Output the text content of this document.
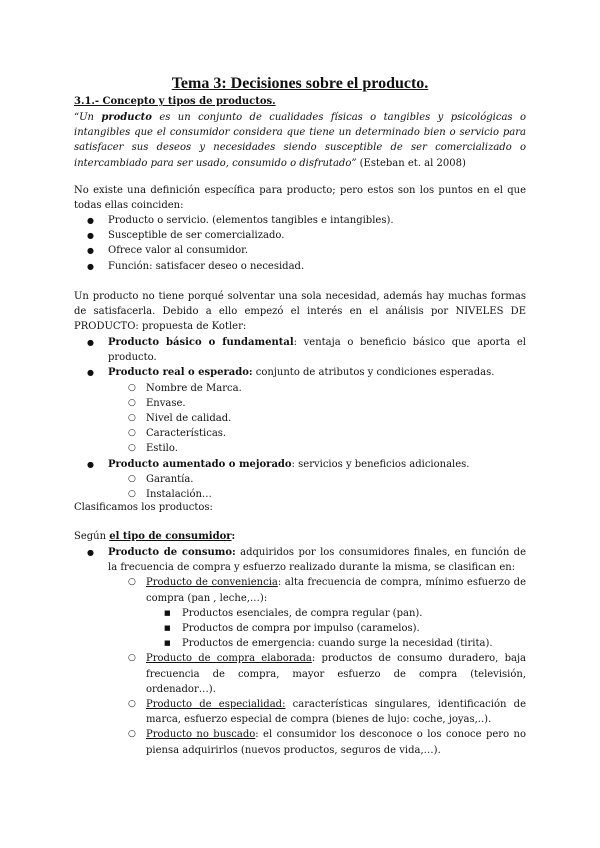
Tema 3: Decisiones sobre el producto.
3.1.- Concepto y tipos de productos.
“Un producto es un conjunto de cualidades físicas o tangibles y psicológicas o intangibles que el consumidor considera que tiene un determinado bien o servicio para satisfacer sus deseos y necesidades siendo susceptible de ser comercializado o intercambiado para ser usado, consumido o disfrutado” (Esteban et. al 2008)
No existe una definición específica para producto; pero estos son los puntos en el que todas ellas coinciden:
● Producto o servicio. (elementos tangibles e intangibles).
● Susceptible de ser comercializado.
● Ofrece valor al consumidor.
● Función: satisfacer deseo o necesidad.
Un producto no tiene porqué solventar una sola necesidad, además hay muchas formas de satisfacerla. Debido a ello empezó el interés en el análisis por NIVELES DE PRODUCTO: propuesta de Kotler:
● Producto básico o fundamental: ventaja o beneficio básico que aporta el producto.
● Producto real o esperado: conjunto de atributos y condiciones esperadas.
○ Nombre de Marca.
○ Envase.
○ Nivel de calidad.
○ Características.
○ Estilo.
● Producto aumentado o mejorado: servicios y beneficios adicionales.
○ Garantía.
○ Instalación…
Clasificamos los productos:
Según el tipo de consumidor:
● Producto de consumo: adquiridos por los consumidores finales, en función de la frecuencia de compra y esfuerzo realizado durante la misma, se clasifican en:
○ Producto de conveniencia: alta frecuencia de compra, mínimo esfuerzo de compra (pan , leche,…):
■ Productos esenciales, de compra regular (pan).
■ Productos de compra por impulso (caramelos).
■ Productos de emergencia: cuando surge la necesidad (tirita).
○ Producto de compra elaborada: productos de consumo duradero, baja frecuencia de compra, mayor esfuerzo de compra (televisión, ordenador…).
○ Producto de especialidad: características singulares, identificación de marca, esfuerzo especial de compra (bienes de lujo: coche, joyas,..).
○ Producto no buscado: el consumidor los desconoce o los conoce pero no piensa adquirirlos (nuevos productos, seguros de vida,…).
